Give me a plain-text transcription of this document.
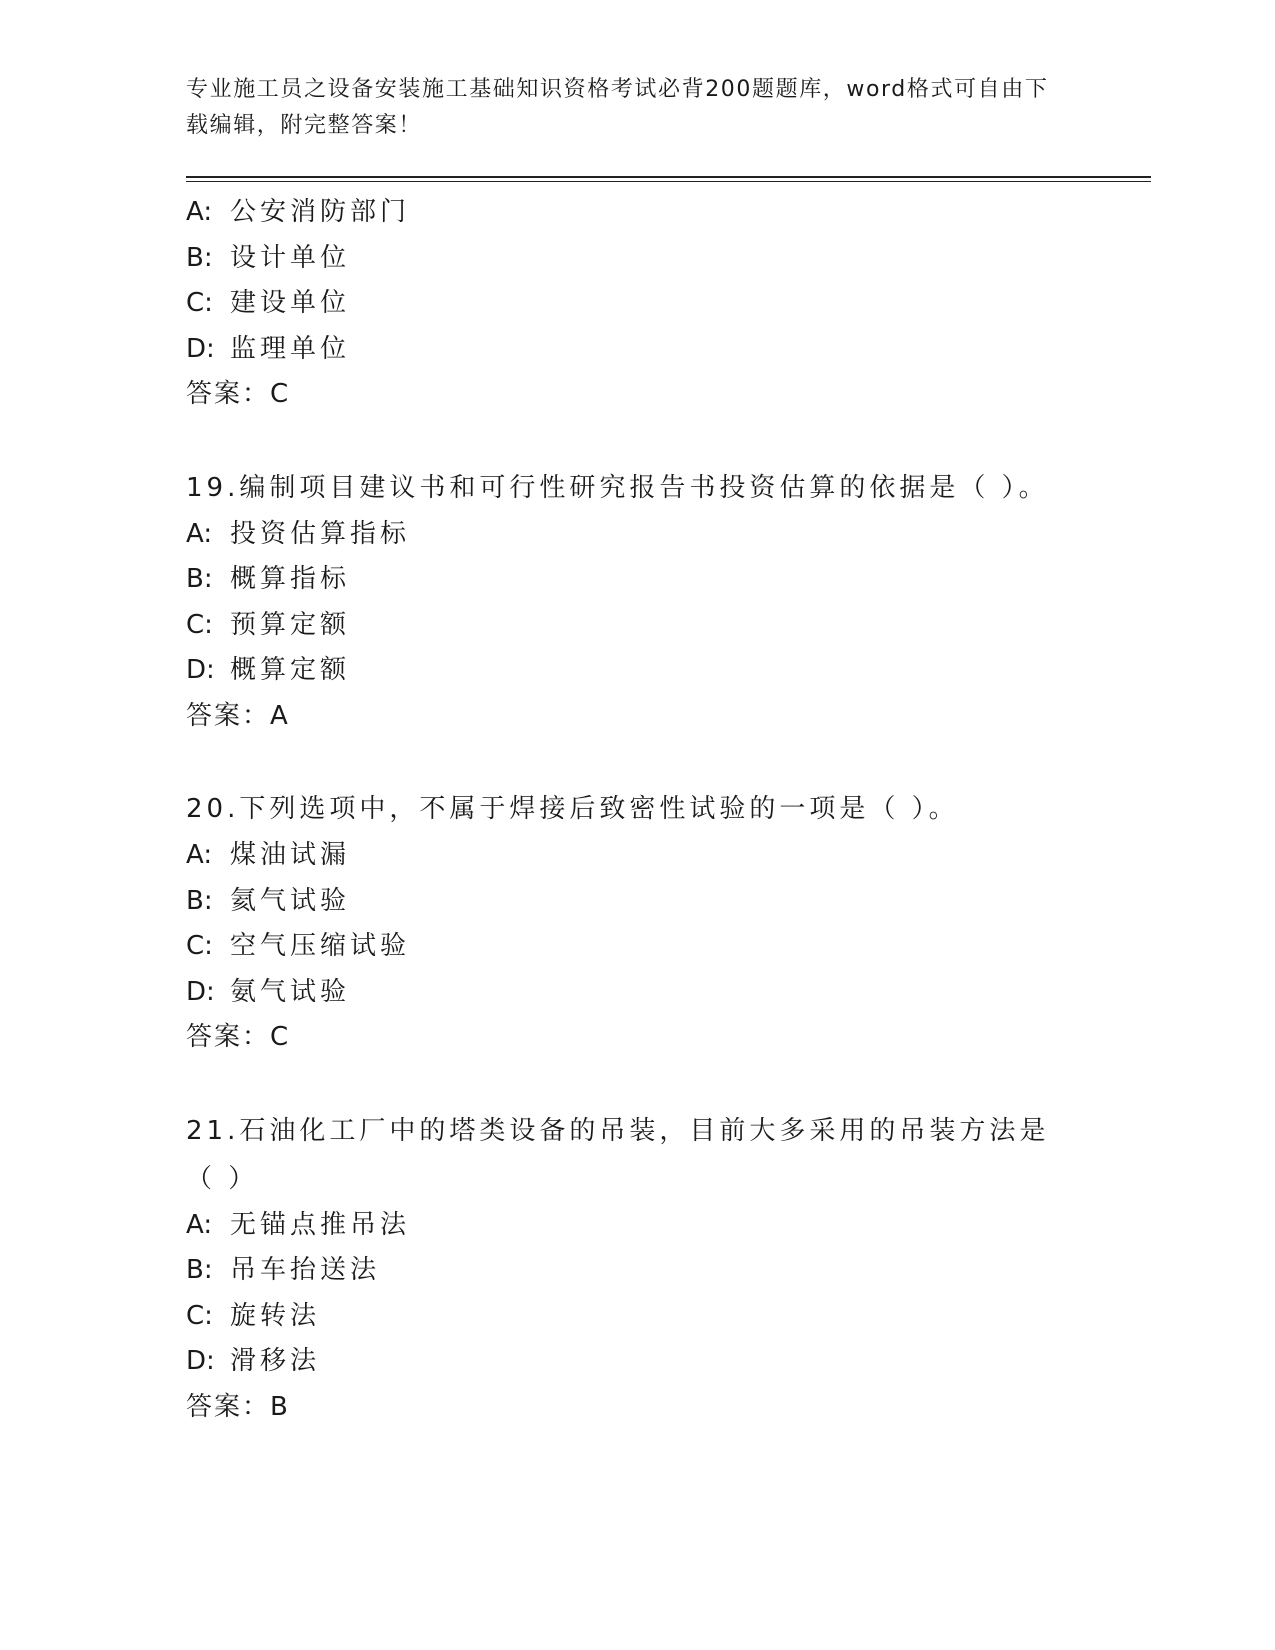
专业施工员之设备安装施工基础知识资格考试必背200题题库，word格式可自由下载编辑，附完整答案！
A: 公安消防部门
B: 设计单位
C: 建设单位
D: 监理单位
答案：C
19.编制项目建议书和可行性研究报告书投资估算的依据是（ ）。
A: 投资估算指标
B: 概算指标
C: 预算定额
D: 概算定额
答案：A
20.下列选项中，不属于焊接后致密性试验的一项是（ ）。
A: 煤油试漏
B: 氦气试验
C: 空气压缩试验
D: 氨气试验
答案：C
21.石油化工厂中的塔类设备的吊装，目前大多采用的吊装方法是（ ）
A: 无锚点推吊法
B: 吊车抬送法
C: 旋转法
D: 滑移法
答案：B
